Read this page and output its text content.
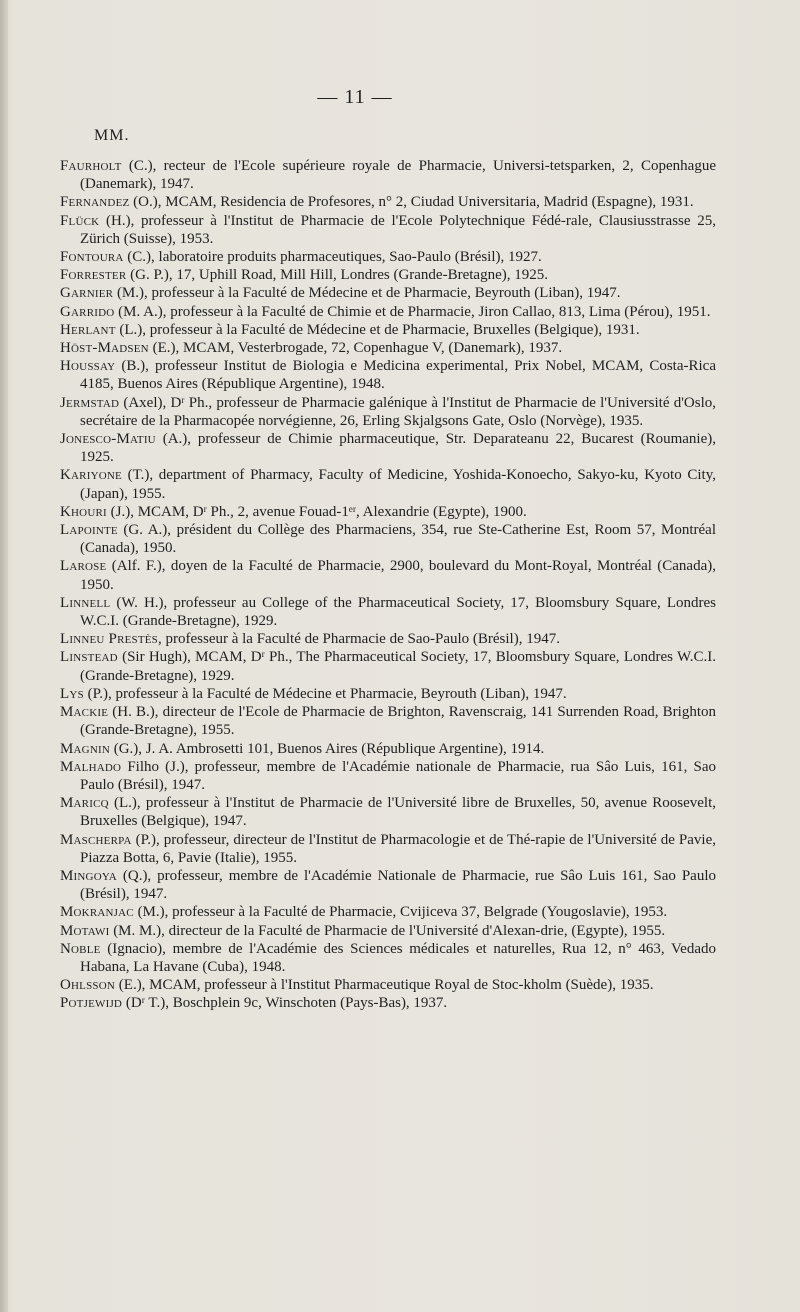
— 11 —
MM.

Faurholt (C.), recteur de l'Ecole supérieure royale de Pharmacie, Universi-tetsparken, 2, Copenhague (Danemark), 1947.

Fernandez (O.), MCAM, Residencia de Profesores, n° 2, Ciudad Universitaria, Madrid (Espagne), 1931.

Flück (H.), professeur à l'Institut de Pharmacie de l'Ecole Polytechnique Fédé-rale, Clausiusstrasse 25, Zürich (Suisse), 1953.

Fontoura (C.), laboratoire produits pharmaceutiques, Sao-Paulo (Brésil), 1927.

Forrester (G. P.), 17, Uphill Road, Mill Hill, Londres (Grande-Bretagne), 1925.

Garnier (M.), professeur à la Faculté de Médecine et de Pharmacie, Beyrouth (Liban), 1947.

Garrido (M. A.), professeur à la Faculté de Chimie et de Pharmacie, Jiron Callao, 813, Lima (Pérou), 1951.

Herlant (L.), professeur à la Faculté de Médecine et de Pharmacie, Bruxelles (Belgique), 1931.

Höst-Madsen (E.), MCAM, Vesterbrogade, 72, Copenhague V, (Danemark), 1937.

Houssay (B.), professeur Institut de Biologia e Medicina experimental, Prix Nobel, MCAM, Costa-Rica 4185, Buenos Aires (République Argentine), 1948.

Jermstad (Axel), Dʳ Ph., professeur de Pharmacie galénique à l'Institut de Pharmacie de l'Université d'Oslo, secrétaire de la Pharmacopée norvégienne, 26, Erling Skjalgsons Gate, Oslo (Norvège), 1935.

Jonesco-Matiu (A.), professeur de Chimie pharmaceutique, Str. Deparateanu 22, Bucarest (Roumanie), 1925.

Kariyone (T.), department of Pharmacy, Faculty of Medicine, Yoshida-Konoecho, Sakyo-ku, Kyoto City, (Japan), 1955.

Khouri (J.), MCAM, Dʳ Ph., 2, avenue Fouad-1ᵉʳ, Alexandrie (Egypte), 1900.

Lapointe (G. A.), président du Collège des Pharmaciens, 354, rue Ste-Catherine Est, Room 57, Montréal (Canada), 1950.

Larose (Alf. F.), doyen de la Faculté de Pharmacie, 2900, boulevard du Mont-Royal, Montréal (Canada), 1950.

Linnell (W. H.), professeur au College of the Pharmaceutical Society, 17, Bloomsbury Square, Londres W.C.I. (Grande-Bretagne), 1929.

Linneu Prestès, professeur à la Faculté de Pharmacie de Sao-Paulo (Brésil), 1947.

Linstead (Sir Hugh), MCAM, Dʳ Ph., The Pharmaceutical Society, 17, Bloomsbury Square, Londres W.C.I. (Grande-Bretagne), 1929.

Lys (P.), professeur à la Faculté de Médecine et Pharmacie, Beyrouth (Liban), 1947.

Mackie (H. B.), directeur de l'Ecole de Pharmacie de Brighton, Ravenscraig, 141 Surrenden Road, Brighton (Grande-Bretagne), 1955.

Magnin (G.), J. A. Ambrosetti 101, Buenos Aires (République Argentine), 1914.

Malhado Filho (J.), professeur, membre de l'Académie nationale de Pharmacie, rua Sâo Luis, 161, Sao Paulo (Brésil), 1947.

Maricq (L.), professeur à l'Institut de Pharmacie de l'Université libre de Bruxelles, 50, avenue Roosevelt, Bruxelles (Belgique), 1947.

Mascherpa (P.), professeur, directeur de l'Institut de Pharmacologie et de Thé-rapie de l'Université de Pavie, Piazza Botta, 6, Pavie (Italie), 1955.

Mingoya (Q.), professeur, membre de l'Académie Nationale de Pharmacie, rue Sâo Luis 161, Sao Paulo (Brésil), 1947.

Mokranjac (M.), professeur à la Faculté de Pharmacie, Cvijiceva 37, Belgrade (Yougoslavie), 1953.

Motawi (M. M.), directeur de la Faculté de Pharmacie de l'Université d'Alexan-drie, (Egypte), 1955.

Noble (Ignacio), membre de l'Académie des Sciences médicales et naturelles, Rua 12, n° 463, Vedado Habana, La Havane (Cuba), 1948.

Ohlsson (E.), MCAM, professeur à l'Institut Pharmaceutique Royal de Stoc-kholm (Suède), 1935.

Potjewijd (Dʳ T.), Boschplein 9c, Winschoten (Pays-Bas), 1937.
